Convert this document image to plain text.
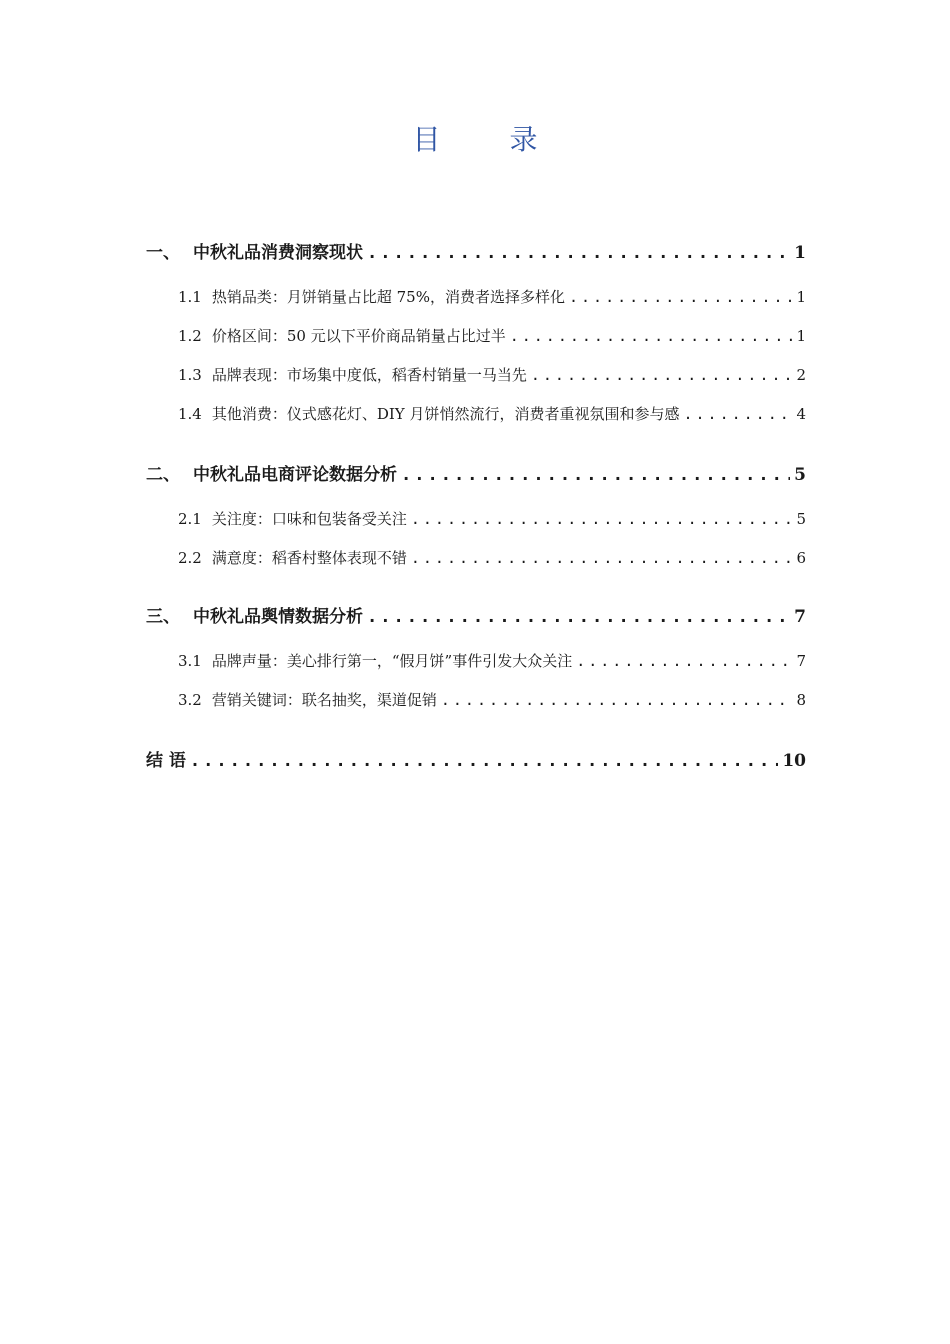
目 录
一、 中秋礼品消费洞察现状 .....	1
1.1 热销品类：月饼销量占比超 75%，消费者选择多样化 .....	1
1.2 价格区间：50 元以下平价商品销量占比过半 .....	1
1.3 品牌表现：市场集中度低，稻香村销量一马当先 .....	2
1.4 其他消费：仪式感花灯、DIY 月饼悄然流行，消费者重视氛围和参与感 .....	4
二、 中秋礼品电商评论数据分析 .....	5
2.1 关注度：口味和包装备受关注 .....	5
2.2 满意度：稻香村整体表现不错 .....	6
三、 中秋礼品舆情数据分析 .....	7
3.1 品牌声量：美心排行第一，“假月饼”事件引发大众关注 .....	7
3.2 营销关键词：联名抽奖，渠道促销 .....	8
结 语 .....	10
